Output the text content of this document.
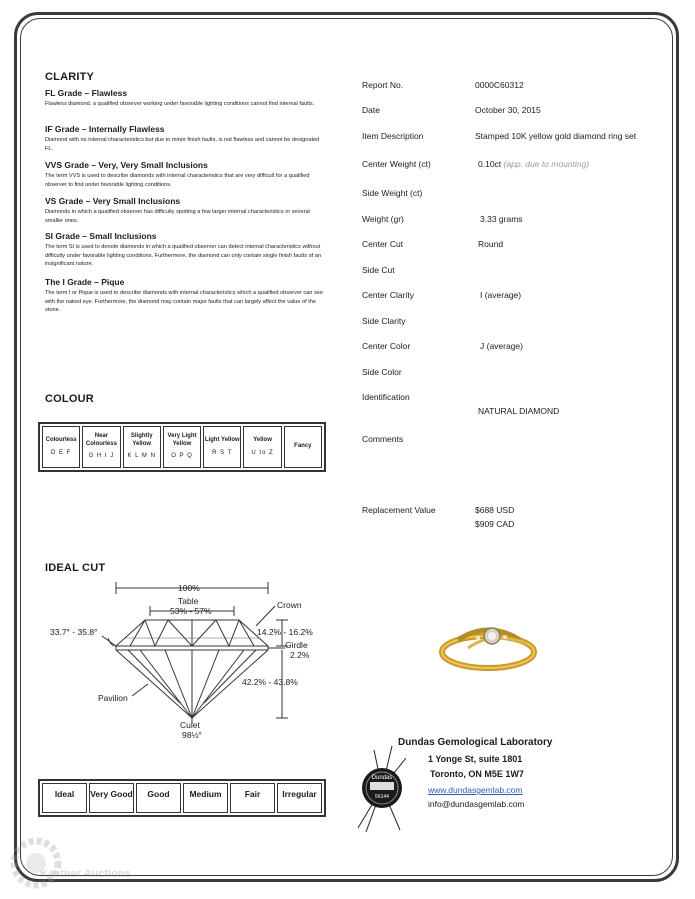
CLARITY
FL Grade – Flawless
Flawless diamond, a qualified observer working under favorable lighting conditions cannot find internal faults.
IF Grade – Internally Flawless
Diamond with no internal characteristics but due to minor finish faults, is not flawless and cannot be designated FL.
VVS Grade – Very, Very Small Inclusions
The term VVS is used to describe diamonds with internal characteristics that are very difficult for a qualified observer to find under favorable lighting conditions.
VS Grade – Very Small Inclusions
Diamonds in which a qualified observer has difficulty spotting a few larger internal characteristics or several smaller ones.
SI Grade – Small Inclusions
The term SI is used to denote diamonds in which a qualified observer can detect internal characteristics without difficulty under favorable lighting conditions. Furthermore, the diamond can only contain single finish faults of an insignificant nature.
The I Grade – Pique
The term I or Pique is used to describe diamonds with internal characteristics which a qualified observer can see with the naked eye. Furthermore, the diamond may contain major faults that can largely affect the value of the stone.
COLOUR
Colourless
D E F
Near Colourless
G H I J
Slightly Yellow
K L M N
Very Light Yellow
O P Q
Light Yellow
R S T
Yellow
U to Z
Fancy
IDEAL CUT
100%
Table
53% - 57%
Crown
33.7° - 35.8°	14.2% - 16.2%
Girdle
2.2%
42.2% - 43.8%
Pavilion
Culet
98½°
Ideal	Very Good	Good	Medium	Fair	Irregular
Report No.	0000C60312
Date	October 30, 2015
Item Description	Stamped 10K yellow gold diamond ring set
Center Weight (ct)	0.10ct (app. due to mounting)
Side Weight (ct)
Weight (gr)	3.33 grams
Center Cut	Round
Side Cut
Center Clarity	I (average)
Side Clarity
Center Color	J (average)
Side Color
Identification
NATURAL DIAMOND
Comments
Replacement Value	$688 USD
$909 CAD
Dundas
56144
Dundas Gemological Laboratory
1 Yonge St, suite 1801
Toronto, ON M5E 1W7
www.dundasgemlab.com
info@dundasgemlab.com
Kastner Auctions
